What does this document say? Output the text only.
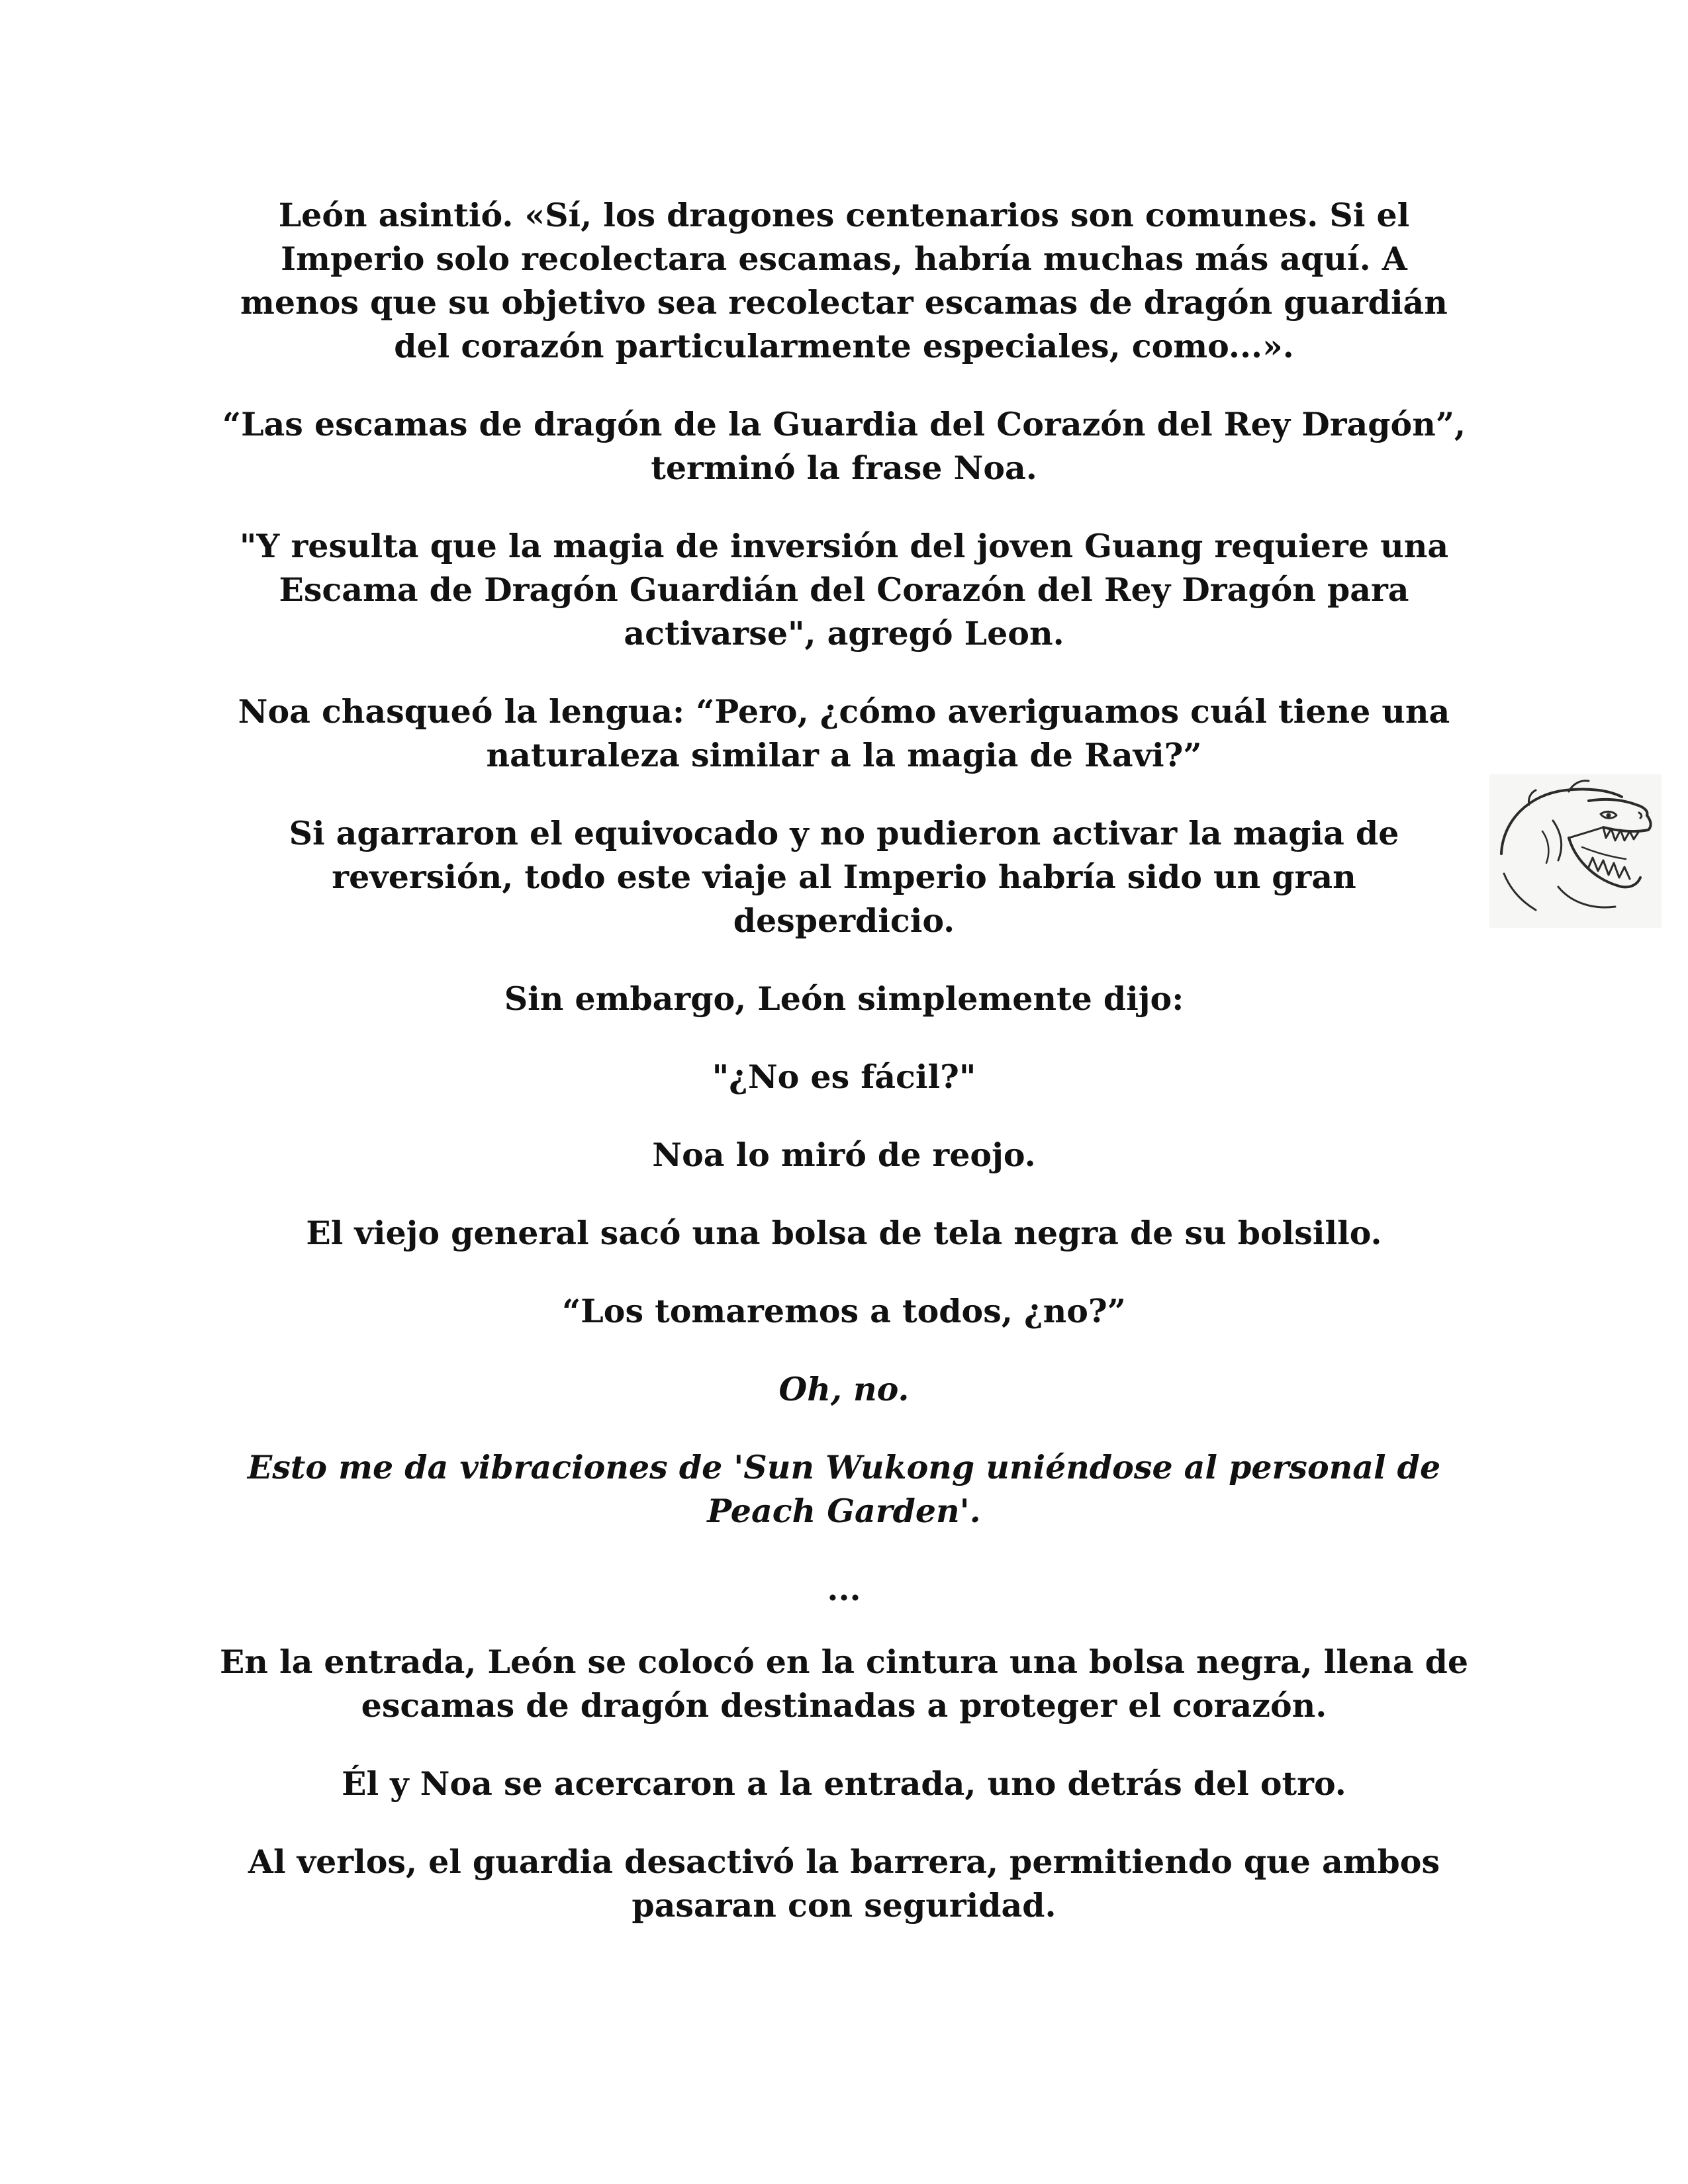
León asintió. «Sí, los dragones centenarios son comunes. Si el Imperio solo recolectara escamas, habría muchas más aquí. A menos que su objetivo sea recolectar escamas de dragón guardián del corazón particularmente especiales, como...».

“Las escamas de dragón de la Guardia del Corazón del Rey Dragón”, terminó la frase Noa.

"Y resulta que la magia de inversión del joven Guang requiere una Escama de Dragón Guardián del Corazón del Rey Dragón para activarse", agregó Leon.

Noa chasqueó la lengua: “Pero, ¿cómo averiguamos cuál tiene una naturaleza similar a la magia de Ravi?”

Si agarraron el equivocado y no pudieron activar la magia de reversión, todo este viaje al Imperio habría sido un gran desperdicio.

Sin embargo, León simplemente dijo:

"¿No es fácil?"

Noa lo miró de reojo.

El viejo general sacó una bolsa de tela negra de su bolsillo.

“Los tomaremos a todos, ¿no?”

Oh, no.

Esto me da vibraciones de 'Sun Wukong uniéndose al personal de Peach Garden'.

...

En la entrada, León se colocó en la cintura una bolsa negra, llena de escamas de dragón destinadas a proteger el corazón.

Él y Noa se acercaron a la entrada, uno detrás del otro.

Al verlos, el guardia desactivó la barrera, permitiendo que ambos pasaran con seguridad.
